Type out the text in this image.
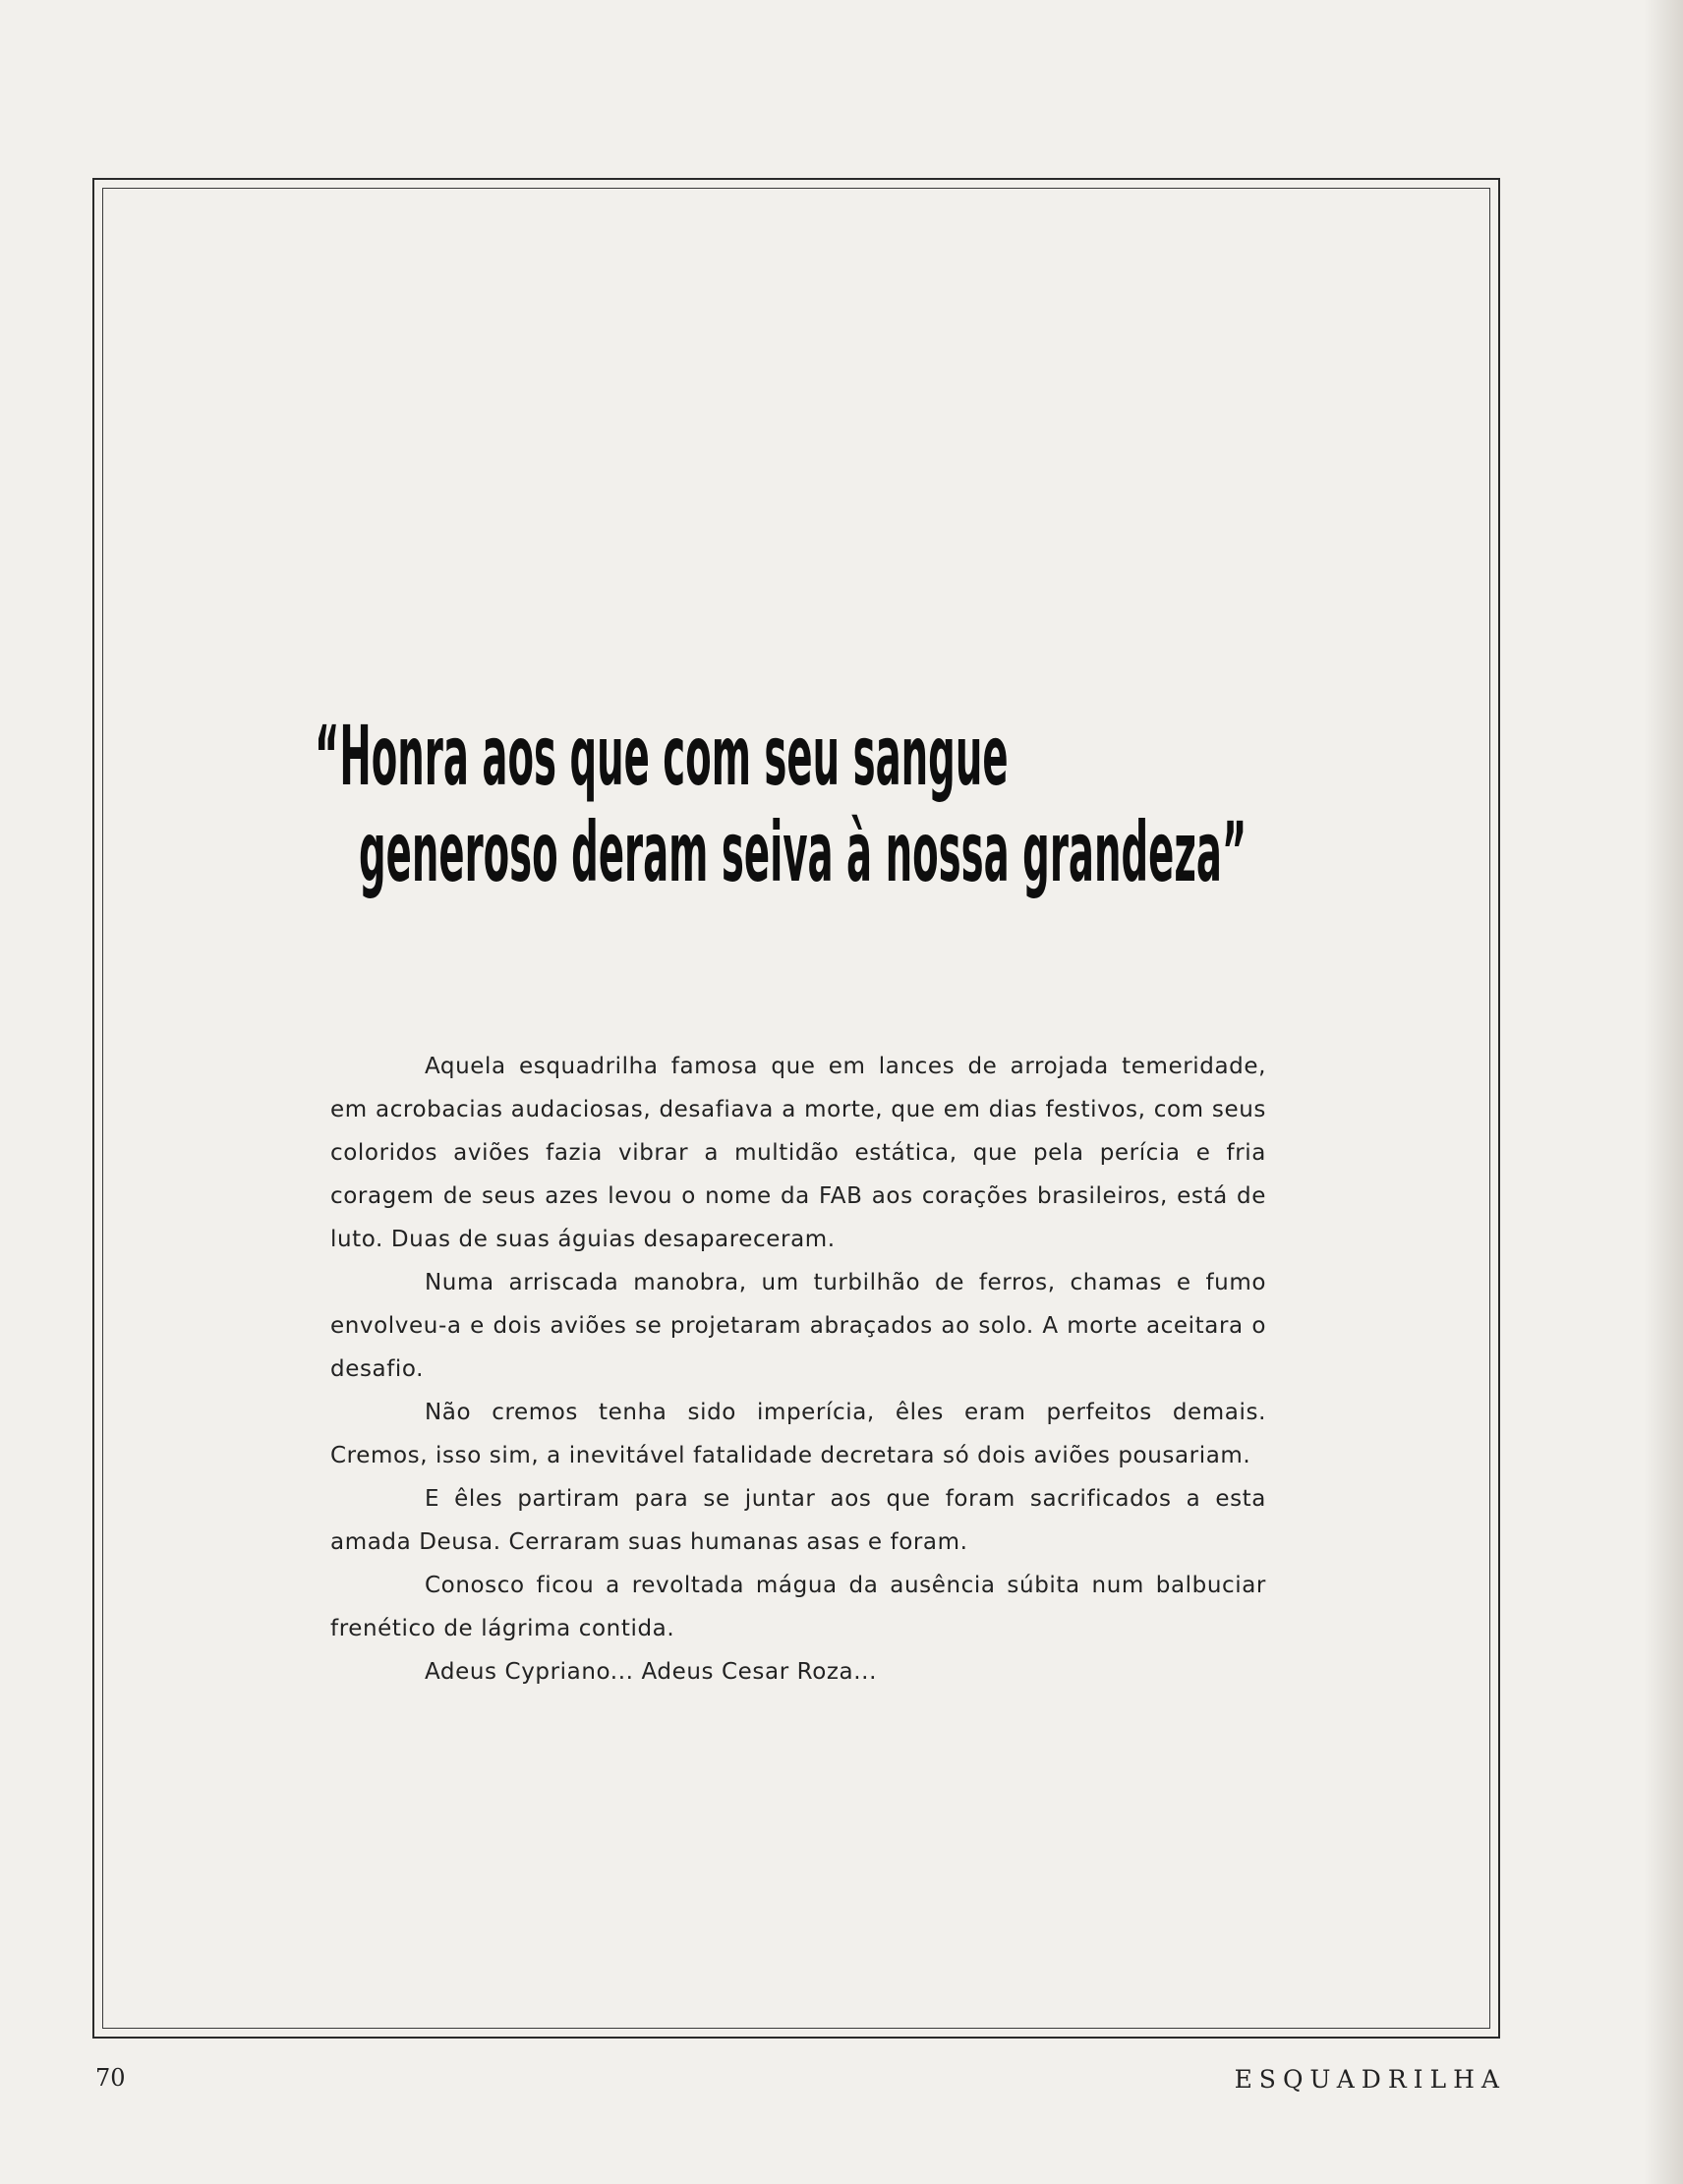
“Honra aos que com seu sangue
generoso deram seiva à nossa grandeza”

Aquela esquadrilha famosa que em lances de arrojada temeridade, em acrobacias audaciosas, desafiava a morte, que em dias festivos, com seus coloridos aviões fazia vibrar a multidão estática, que pela perícia e fria coragem de seus azes levou o nome da FAB aos corações brasileiros, está de luto. Duas de suas águias desapareceram.

Numa arriscada manobra, um turbilhão de ferros, chamas e fumo envolveu-a e dois aviões se projetaram abraçados ao solo. A morte aceitara o desafio.

Não cremos tenha sido imperícia, êles eram perfeitos demais. Cremos, isso sim, a inevitável fatalidade decretara só dois aviões pousariam.

E êles partiram para se juntar aos que foram sacrificados a esta amada Deusa. Cerraram suas humanas asas e foram.

Conosco ficou a revoltada mágua da ausência súbita num balbuciar frenético de lágrima contida.

Adeus Cypriano... Adeus Cesar Roza...

70	ESQUADRILHA
